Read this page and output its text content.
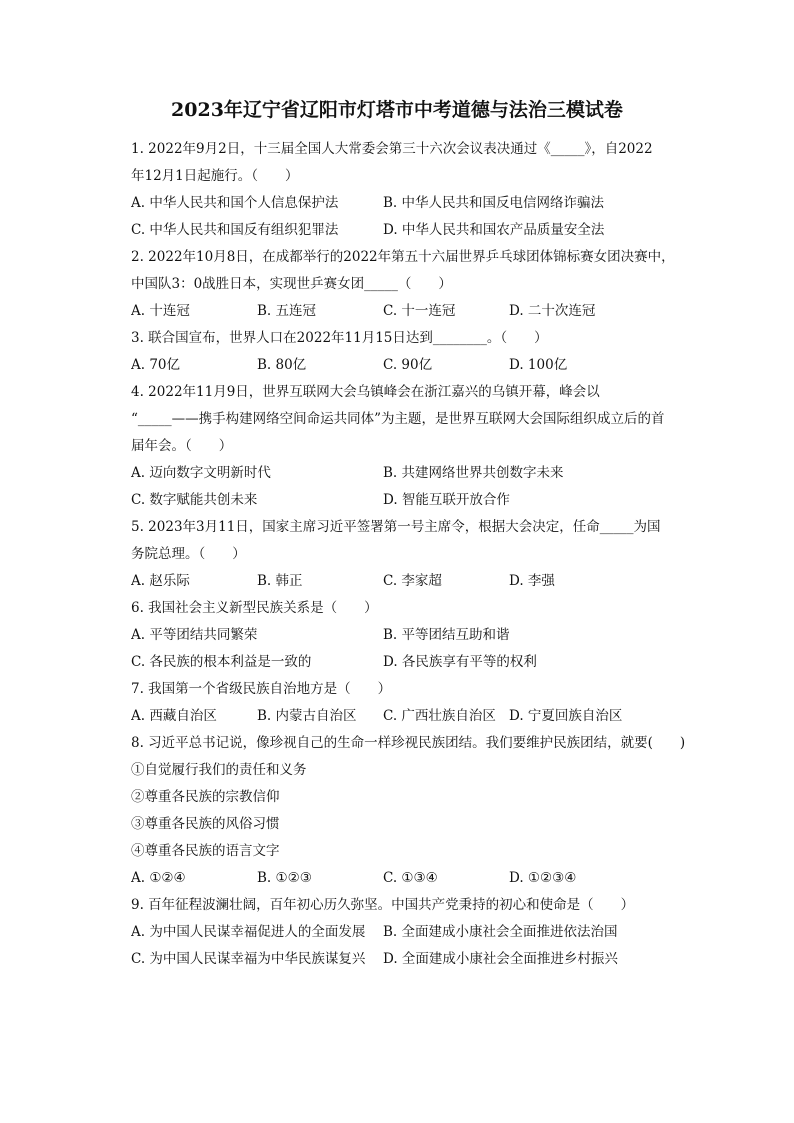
2023年辽宁省辽阳市灯塔市中考道德与法治三模试卷
1. 2022年9月2日，十三届全国人大常委会第三十六次会议表决通过《_____》，自2022
年12月1日起施行。（　　）
A. 中华人民共和国个人信息保护法	B. 中华人民共和国反电信网络诈骗法
C. 中华人民共和国反有组织犯罪法	D. 中华人民共和国农产品质量安全法
2. 2022年10月8日，在成都举行的2022年第五十六届世界乒乓球团体锦标赛女团决赛中，
中国队3：0战胜日本，实现世乒赛女团_____（　　）
A. 十连冠	B. 五连冠	C. 十一连冠	D. 二十次连冠
3. 联合国宣布，世界人口在2022年11月15日达到________。（　　）
A. 70亿	B. 80亿	C. 90亿	D. 100亿
4. 2022年11月9日，世界互联网大会乌镇峰会在浙江嘉兴的乌镇开幕，峰会以
“_____——携手构建网络空间命运共同体”为主题，是世界互联网大会国际组织成立后的首
届年会。（　　）
A. 迈向数字文明新时代	B. 共建网络世界共创数字未来
C. 数字赋能共创未来	D. 智能互联开放合作
5. 2023年3月11日，国家主席习近平签署第一号主席令，根据大会决定，任命_____为国
务院总理。（　　）
A. 赵乐际	B. 韩正	C. 李家超	D. 李强
6. 我国社会主义新型民族关系是（　　）
A. 平等团结共同繁荣	B. 平等团结互助和谐
C. 各民族的根本利益是一致的	D. 各民族享有平等的权利
7. 我国第一个省级民族自治地方是（　　）
A. 西藏自治区	B. 内蒙古自治区	C. 广西壮族自治区 D. 宁夏回族自治区
8. 习近平总书记说，像珍视自己的生命一样珍视民族团结。我们要维护民族团结，就要(　　)
①自觉履行我们的责任和义务
②尊重各民族的宗教信仰
③尊重各民族的风俗习惯
④尊重各民族的语言文字
A. ①②④	B. ①②③	C. ①③④	D. ①②③④
9. 百年征程波澜壮阔，百年初心历久弥坚。中国共产党秉持的初心和使命是（　　）
A. 为中国人民谋幸福促进人的全面发展	B. 全面建成小康社会全面推进依法治国
C. 为中国人民谋幸福为中华民族谋复兴	D. 全面建成小康社会全面推进乡村振兴
